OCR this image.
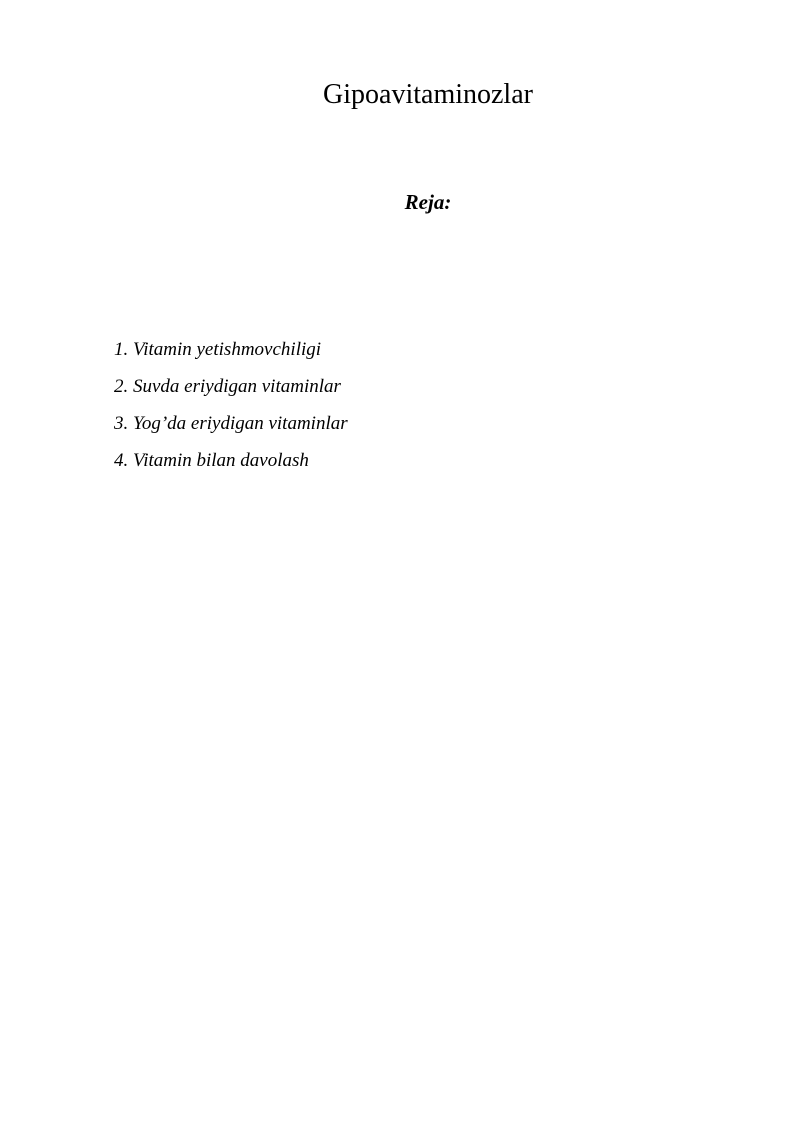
Gipoavitaminozlar
Reja:
1. Vitamin yetishmovchiligi
2. Suvda eriydigan vitaminlar
3. Yog’da eriydigan vitaminlar
4. Vitamin bilan davolash
